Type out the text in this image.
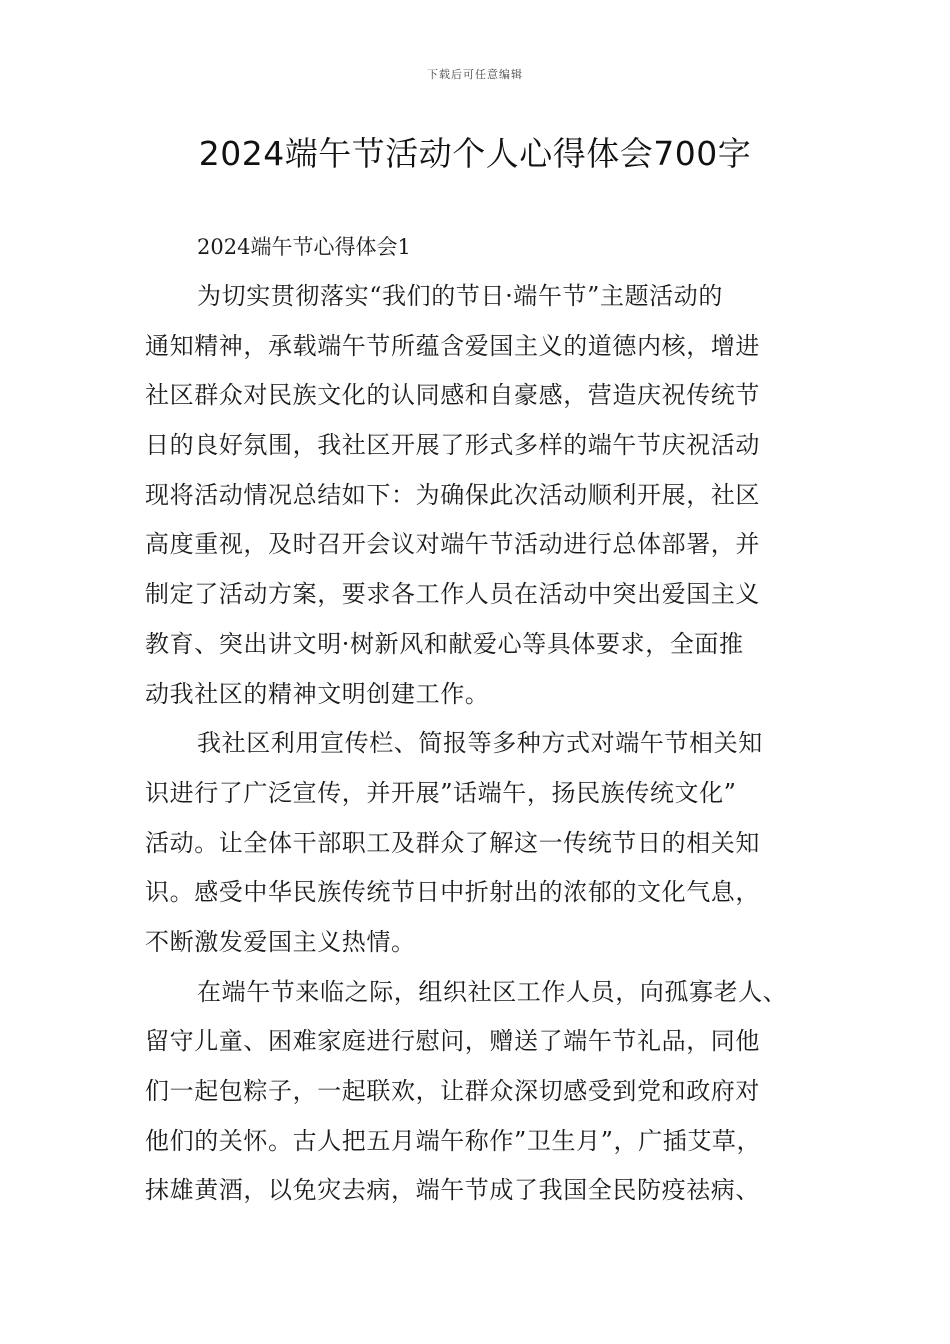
下载后可任意编辑
2024端午节活动个人心得体会700字

2024端午节心得体会1

为切实贯彻落实“我们的节日·端午节”主题活动的
通知精神，承载端午节所蕴含爱国主义的道德内核，增进
社区群众对民族文化的认同感和自豪感，营造庆祝传统节
日的良好氛围，我社区开展了形式多样的端午节庆祝活动
现将活动情况总结如下：为确保此次活动顺利开展，社区
高度重视，及时召开会议对端午节活动进行总体部署，并
制定了活动方案，要求各工作人员在活动中突出爱国主义
教育、突出讲文明·树新风和献爱心等具体要求，全面推
动我社区的精神文明创建工作。
我社区利用宣传栏、简报等多种方式对端午节相关知
识进行了广泛宣传，并开展”话端午，扬民族传统文化”
活动。让全体干部职工及群众了解这一传统节日的相关知
识。感受中华民族传统节日中折射出的浓郁的文化气息，
不断激发爱国主义热情。
在端午节来临之际，组织社区工作人员，向孤寡老人、
留守儿童、困难家庭进行慰问，赠送了端午节礼品，同他
们一起包粽子，一起联欢，让群众深切感受到党和政府对
他们的关怀。古人把五月端午称作”卫生月”，广插艾草，
抹雄黄酒，以免灾去病，端午节成了我国全民防疫祛病、
